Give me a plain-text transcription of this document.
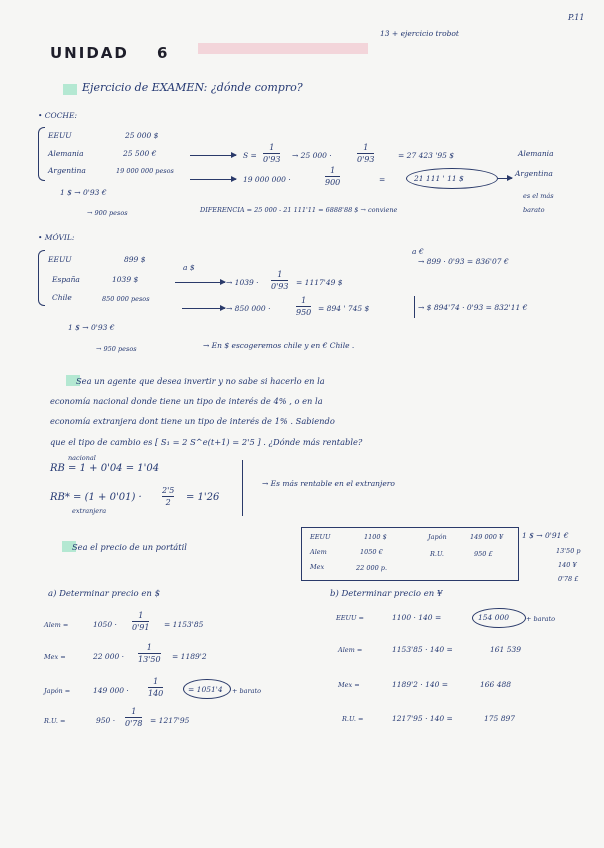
P.11
13 + ejercicio trobot
UNIDAD 6
Ejercicio de EXAMEN: ¿dónde compro?
• COCHE:
EEUU	25 000 $
Alemania	25 500 €
Argentina	19 000 000 pesos
S =
1
0'93 → 25 000 ·
1
0'93	= 27 423 '95 $
19 000 000 ·
1
900	=	21 111 ' 11 $
Alemania
Argentina
es el más
barato
1 $ → 0'93 €
→ 900 pesos	DIFERENCIA = 25 000 - 21 111'11 = 6888'88 $ → conviene
• MÓVIL:
EEUU	899 $
España	1039 $
Chile	850 000 pesos
a €
→ 899 · 0'93 = 836'07 €
a $
→ 1039 ·
1
0'93 = 1117'49 $
→ 850 000 ·
1
950 = 894 ' 745 $	→ $ 894'74 · 0'93 = 832'11 €
1 $ → 0'93 €
→ 950 pesos	→ En $ escogeremos chile y en € Chile .
Sea un agente que desea invertir y no sabe si hacerlo en la
economía nacional donde tiene un tipo de interés de 4% , o en la
economía extranjera dont tiene un tipo de interés de 1% . Sabiendo
que el tipo de cambio es [ S₁ = 2 S^e(t+1) = 2'5 ] . ¿Dónde más rentable?
nacional
RB = 1 + 0'04 = 1'04
RB* = (1 + 0'01) ·
2'5
2 = 1'26
extranjera
→ Es más rentable en el extranjero
Sea el precio de un portátil
EEUU	1100 $
Alem	1050 €
Mex	22 000 p.
Japón	149 000 ¥
R.U.	950 £
1 $ → 0'91 €
13'50 p
140 ¥
0'78 £
a) Determinar precio en $	b) Determinar precio en ¥
Alem =	1050 ·
1
0'91 = 1153'85
Mex =	22 000 ·
1
13'50 = 1189'2
Japón =	149 000 ·
1
140	= 1051'4 + barato
R.U. =	950 ·
1
0'78 = 1217'95
EEUU =	1100 · 140 =	154 000	+ barato
Alem =	1153'85 · 140 =	161 539
Mex =	1189'2 · 140 =	166 488
R.U. =	1217'95 · 140 =	175 897
